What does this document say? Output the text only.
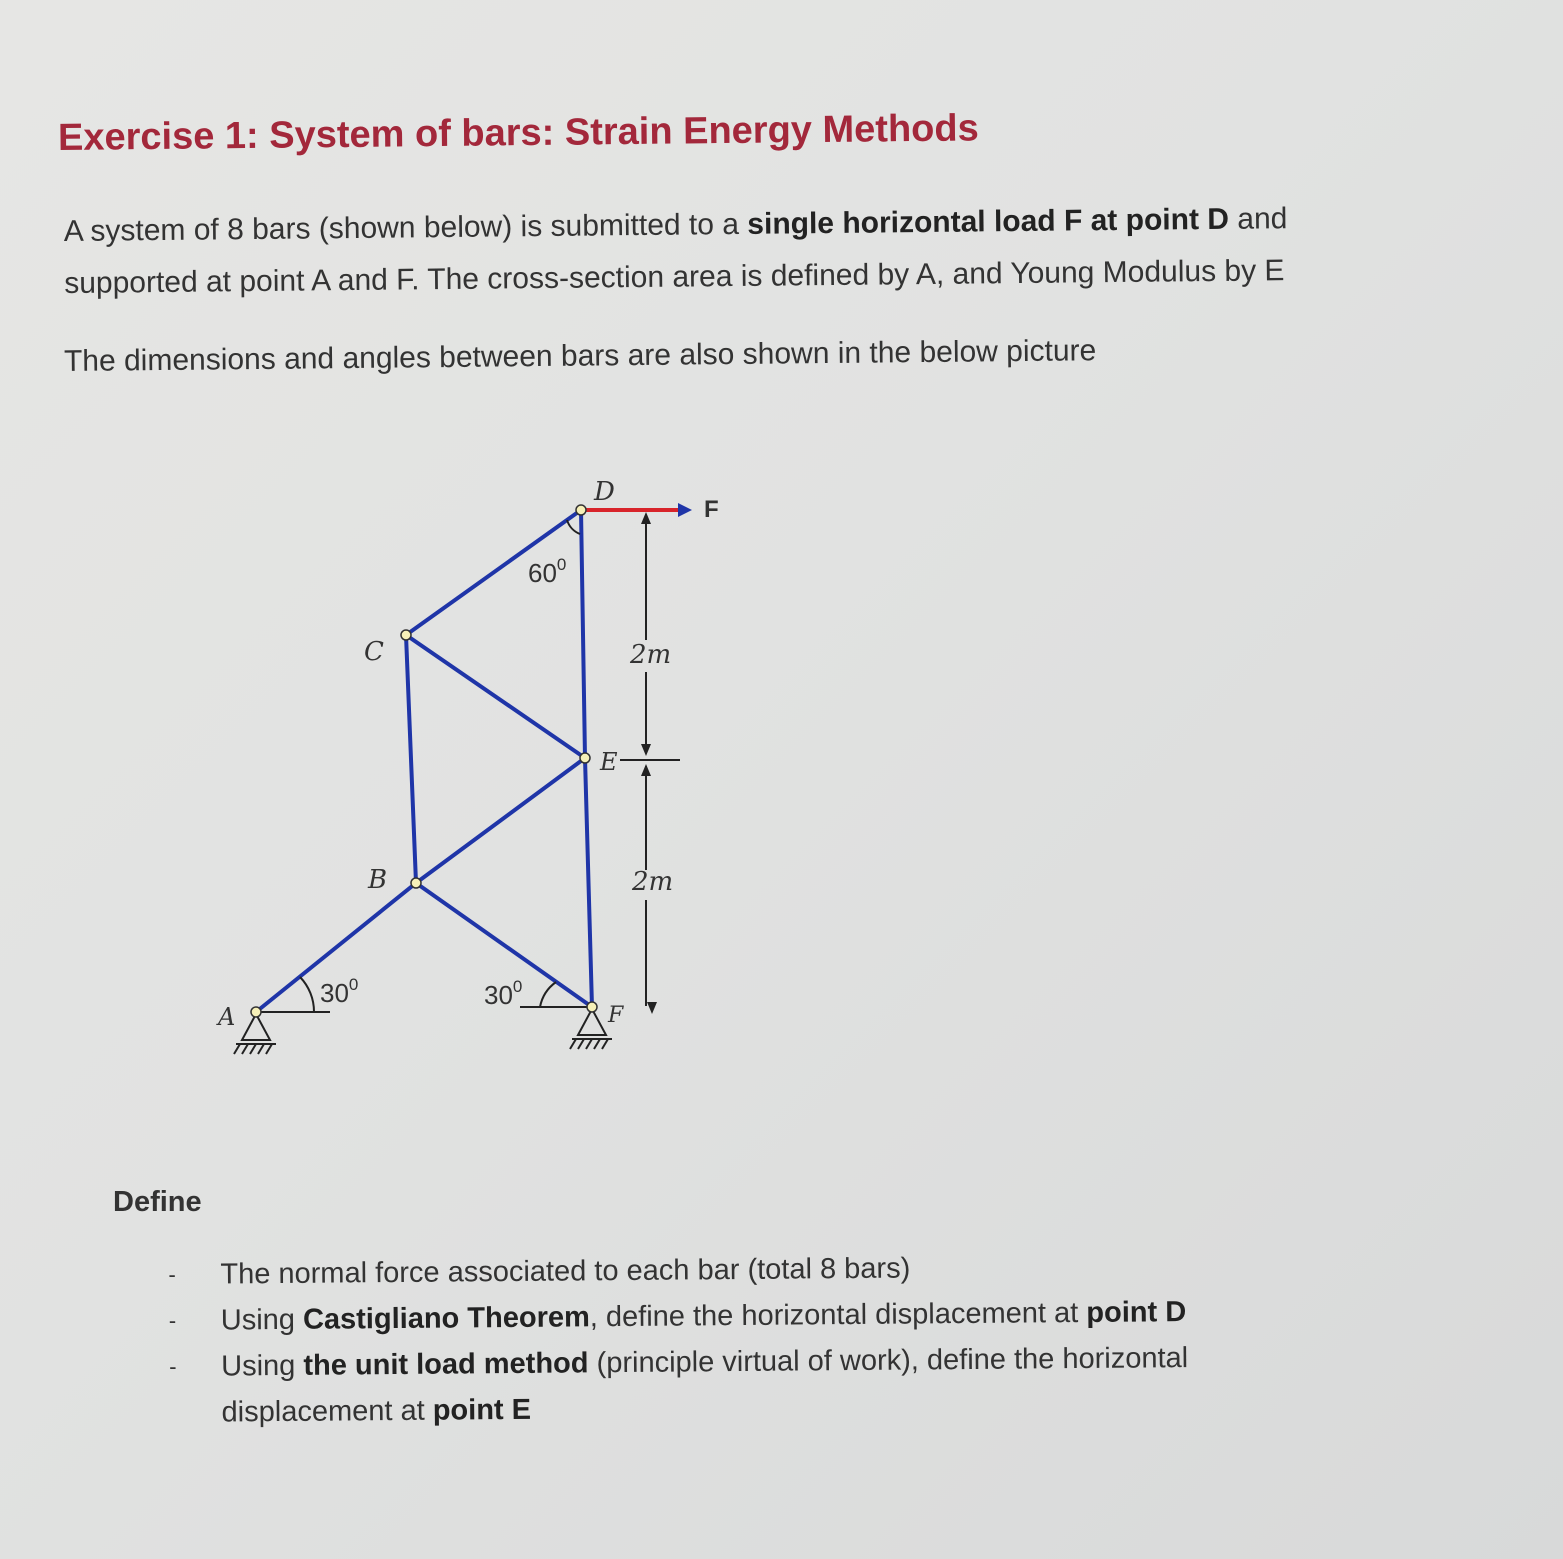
Exercise 1: System of bars: Strain Energy Methods

A system of 8 bars (shown below) is submitted to a single horizontal load F at point D and supported at point A and F. The cross-section area is defined by A, and Young Modulus by E

The dimensions and angles between bars are also shown in the below picture

F
2m
2m
$60^0$
$30^0$	$30^0$
A
B
C
D
E
F
Define
- The normal force associated to each bar (total 8 bars)
- Using Castigliano Theorem, define the horizontal displacement at point D
- Using the unit load method (principle virtual of work), define the horizontal displacement at point E
